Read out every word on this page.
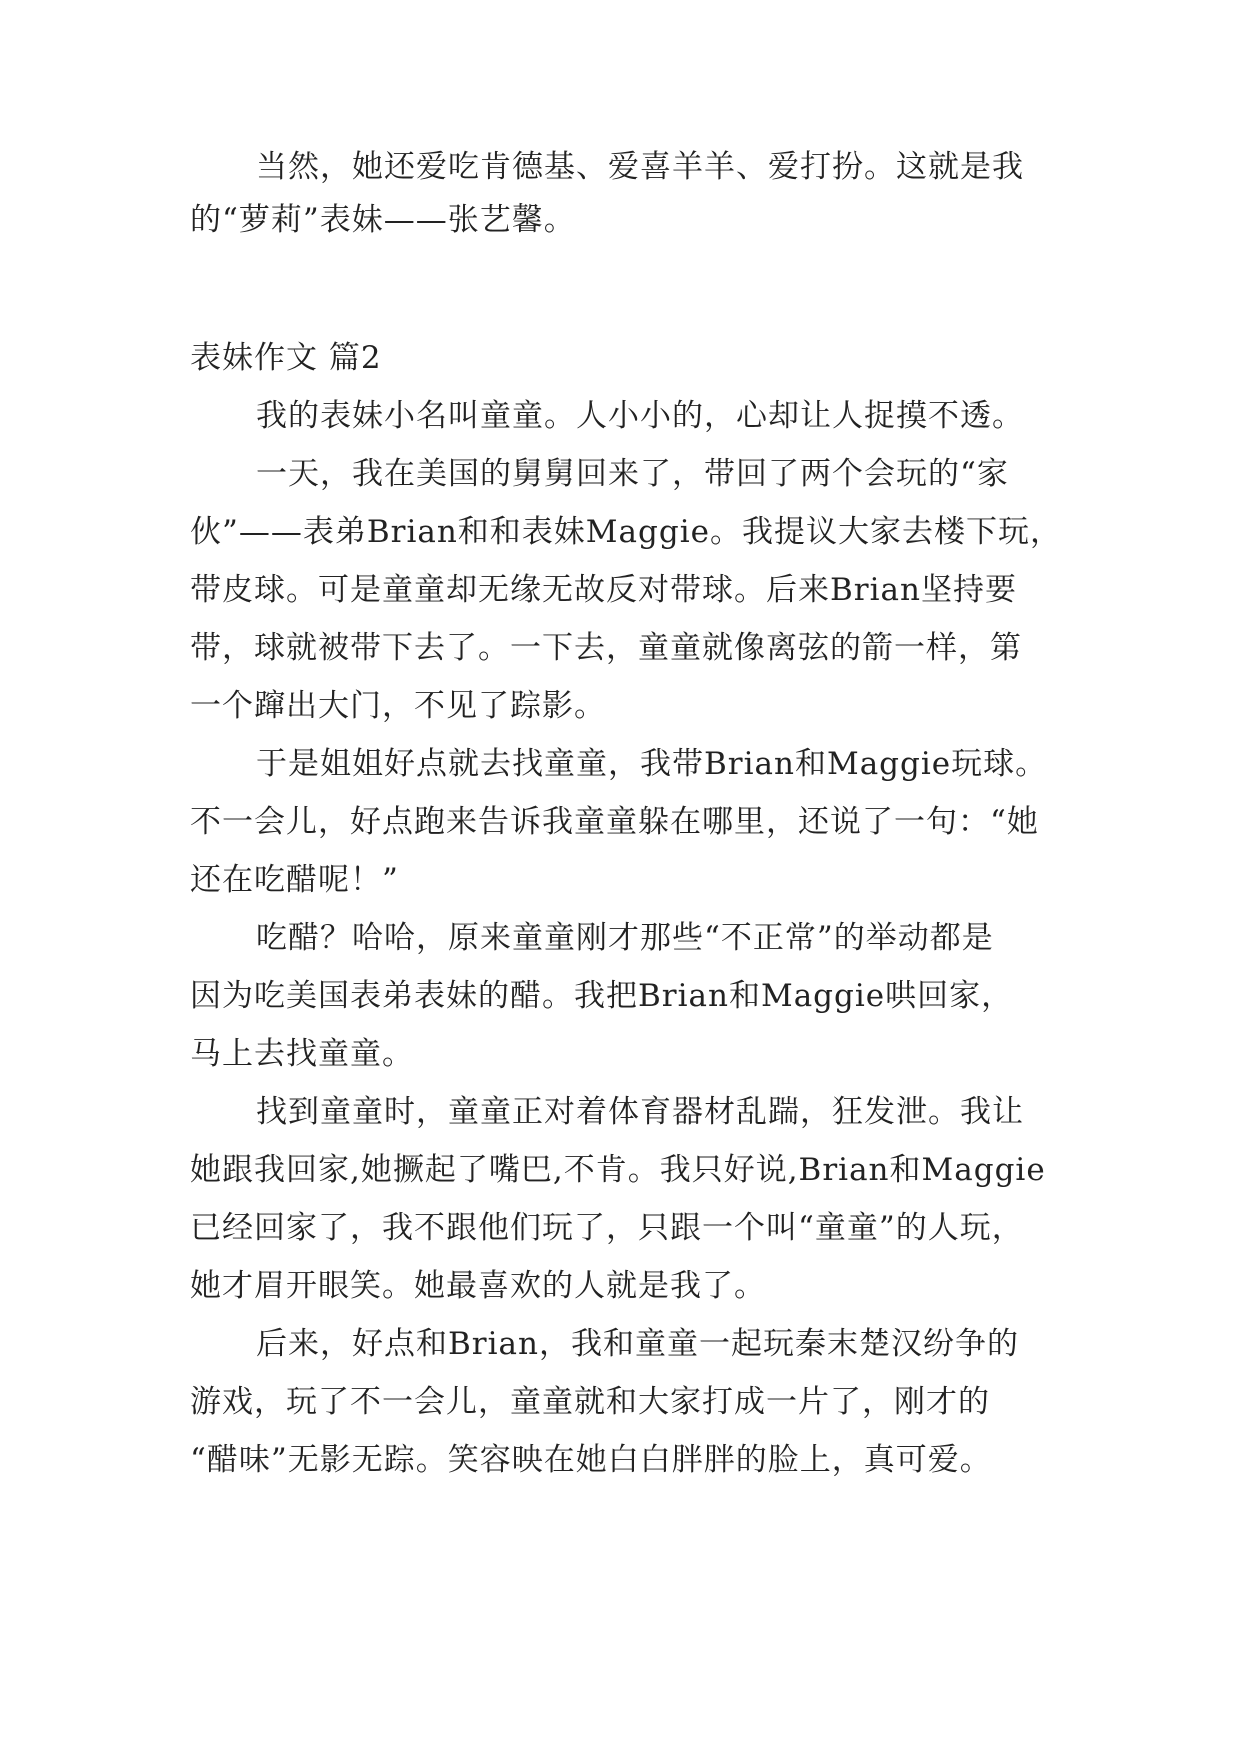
当然，她还爱吃肯德基、爱喜羊羊、爱打扮。这就是我
的“萝莉”表妹——张艺馨。
表妹作文 篇2
我的表妹小名叫童童。人小小的，心却让人捉摸不透。
一天，我在美国的舅舅回来了，带回了两个会玩的“家
伙”——表弟Brian和和表妹Maggie。我提议大家去楼下玩，
带皮球。可是童童却无缘无故反对带球。后来Brian坚持要
带，球就被带下去了。一下去，童童就像离弦的箭一样，第
一个蹿出大门，不见了踪影。
于是姐姐好点就去找童童，我带Brian和Maggie玩球。
不一会儿，好点跑来告诉我童童躲在哪里，还说了一句：“她
还在吃醋呢！”
吃醋？哈哈，原来童童刚才那些“不正常”的举动都是
因为吃美国表弟表妹的醋。我把Brian和Maggie哄回家，
马上去找童童。
找到童童时，童童正对着体育器材乱踹，狂发泄。我让
她跟我回家,她撅起了嘴巴,不肯。我只好说,Brian和Maggie
已经回家了，我不跟他们玩了，只跟一个叫“童童”的人玩，
她才眉开眼笑。她最喜欢的人就是我了。
后来，好点和Brian，我和童童一起玩秦末楚汉纷争的
游戏，玩了不一会儿，童童就和大家打成一片了，刚才的
“醋味”无影无踪。笑容映在她白白胖胖的脸上，真可爱。
